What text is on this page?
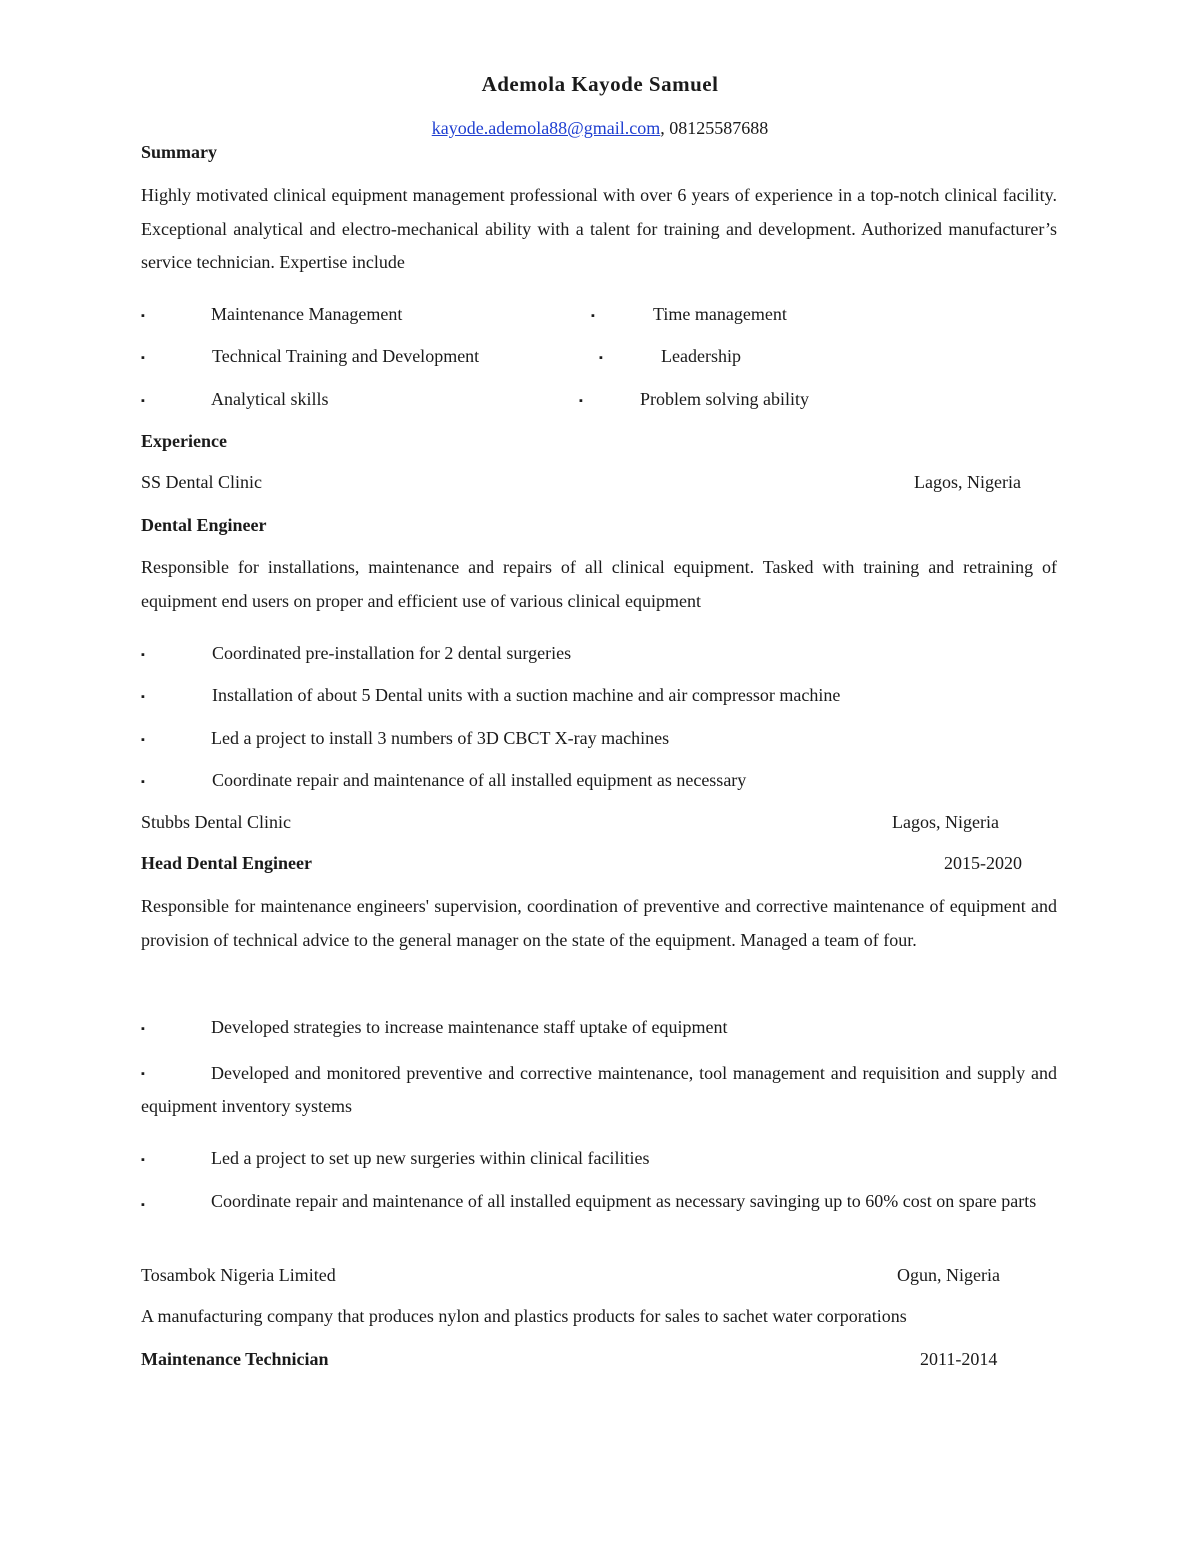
Ademola Kayode Samuel
kayode.ademola88@gmail.com, 08125587688
Summary
Highly motivated clinical equipment management professional with over 6 years of experience in a top-notch clinical facility. Exceptional analytical and electro-mechanical ability with a talent for training and development. Authorized manufacturer’s service technician. Expertise include
▪	Maintenance Management	▪	Time management
▪	Technical Training and Development	▪	Leadership
▪	Analytical skills	▪	Problem solving ability
Experience
SS Dental Clinic	Lagos, Nigeria
Dental Engineer
Responsible for installations, maintenance and repairs of all clinical equipment. Tasked with training and retraining of equipment end users on proper and efficient use of various clinical equipment
▪	Coordinated pre-installation for 2 dental surgeries
▪	Installation of about 5 Dental units with a suction machine and air compressor machine
▪	Led a project to install 3 numbers of 3D CBCT X-ray machines
▪	Coordinate repair and maintenance of all installed equipment as necessary
Stubbs Dental Clinic	Lagos, Nigeria
Head Dental Engineer	2015-2020
Responsible for maintenance engineers' supervision, coordination of preventive and corrective maintenance of equipment and provision of technical advice to the general manager on the state of the equipment. Managed a team of four.
▪	Developed strategies to increase maintenance staff uptake of equipment
▪	Developed and monitored preventive and corrective maintenance, tool management and requisition and supply and equipment inventory systems
▪	Led a project to set up new surgeries within clinical facilities
▪	Coordinate repair and maintenance of all installed equipment as necessary savinging up to 60% cost on spare parts
Tosambok Nigeria Limited	Ogun, Nigeria
A manufacturing company that produces nylon and plastics products for sales to sachet water corporations
Maintenance Technician	2011-2014
